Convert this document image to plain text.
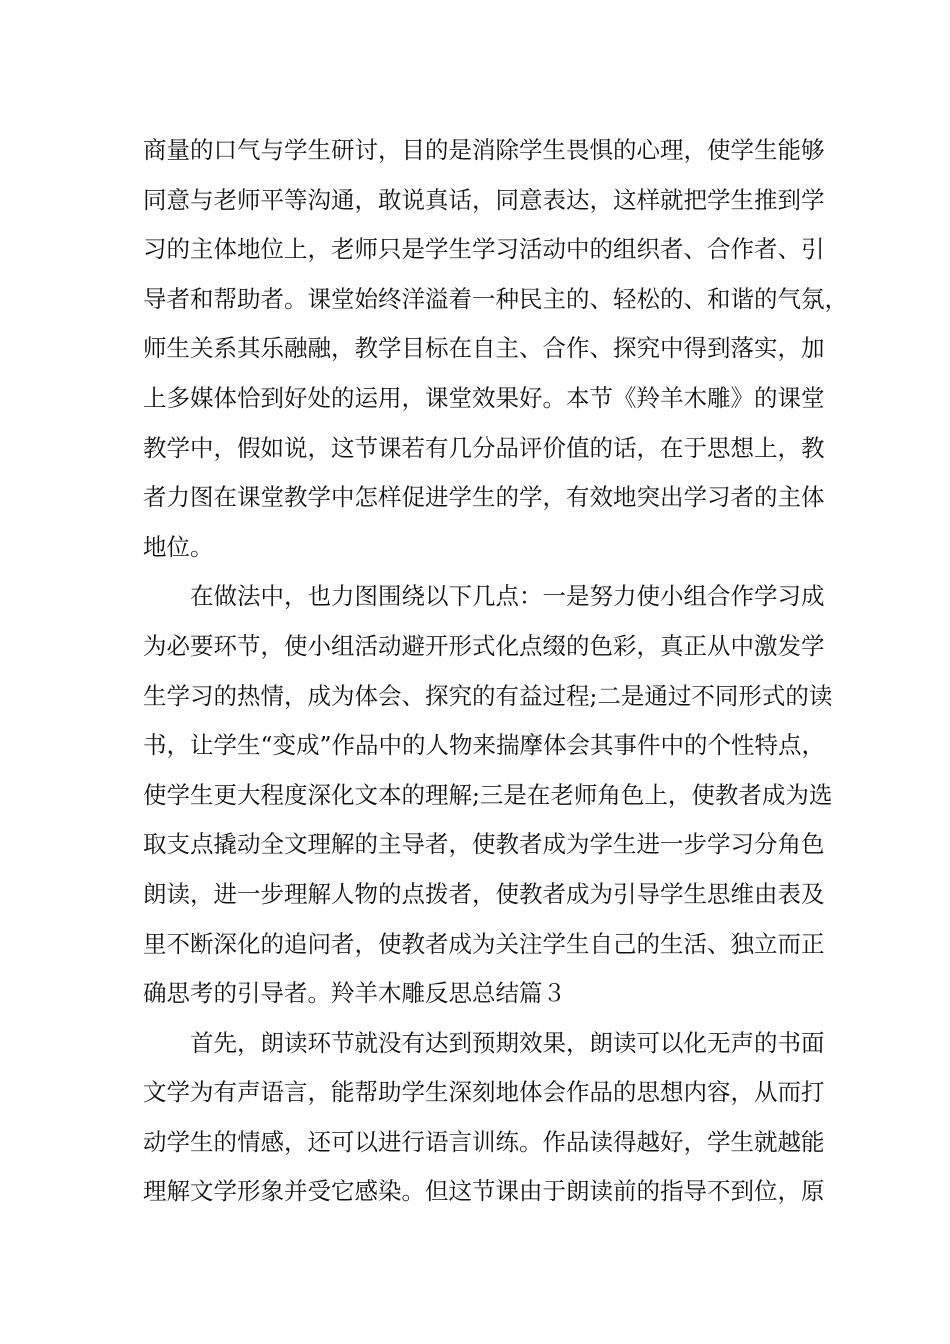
商量的口气与学生研讨，目的是消除学生畏惧的心理，使学生能够
同意与老师平等沟通，敢说真话，同意表达，这样就把学生推到学
习的主体地位上，老师只是学生学习活动中的组织者、合作者、引
导者和帮助者。课堂始终洋溢着一种民主的、轻松的、和谐的气氛，
师生关系其乐融融，教学目标在自主、合作、探究中得到落实，加
上多媒体恰到好处的运用，课堂效果好。本节《羚羊木雕》的课堂
教学中，假如说，这节课若有几分品评价值的话，在于思想上，教
者力图在课堂教学中怎样促进学生的学，有效地突出学习者的主体
地位。
在做法中，也力图围绕以下几点：一是努力使小组合作学习成
为必要环节，使小组活动避开形式化点缀的色彩，真正从中激发学
生学习的热情，成为体会、探究的有益过程;二是通过不同形式的读
书，让学生“变成”作品中的人物来揣摩体会其事件中的个性特点，
使学生更大程度深化文本的理解;三是在老师角色上，使教者成为选
取支点撬动全文理解的主导者，使教者成为学生进一步学习分角色
朗读，进一步理解人物的点拨者，使教者成为引导学生思维由表及
里不断深化的追问者，使教者成为关注学生自己的生活、独立而正
确思考的引导者。羚羊木雕反思总结篇３
首先，朗读环节就没有达到预期效果，朗读可以化无声的书面
文学为有声语言，能帮助学生深刻地体会作品的思想内容，从而打
动学生的情感，还可以进行语言训练。作品读得越好，学生就越能
理解文学形象并受它感染。但这节课由于朗读前的指导不到位，原
